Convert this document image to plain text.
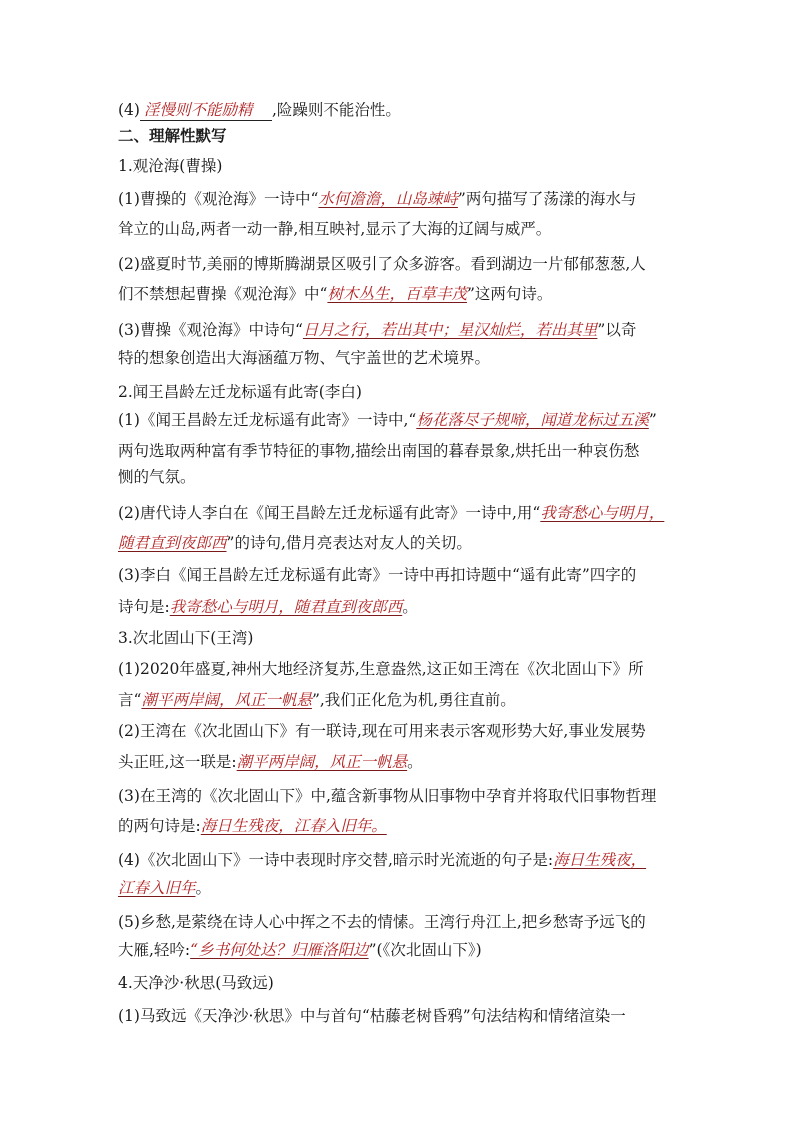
(4) 淫慢则不能励精 ,险躁则不能治性。
二、理解性默写
1.观沧海(曹操)
(1)曹操的《观沧海》一诗中“水何澹澹，山岛竦峙”两句描写了荡漾的海水与
耸立的山岛,两者一动一静,相互映衬,显示了大海的辽阔与威严。
(2)盛夏时节,美丽的博斯腾湖景区吸引了众多游客。看到湖边一片郁郁葱葱,人
们不禁想起曹操《观沧海》中“树木丛生，百草丰茂”这两句诗。
(3)曹操《观沧海》中诗句“日月之行，若出其中；星汉灿烂，若出其里”以奇
特的想象创造出大海涵蕴万物、气宇盖世的艺术境界。
2.闻王昌龄左迁龙标遥有此寄(李白)
(1)《闻王昌龄左迁龙标遥有此寄》一诗中,“杨花落尽子规啼，闻道龙标过五溪”
两句选取两种富有季节特征的事物,描绘出南国的暮春景象,烘托出一种哀伤愁
恻的气氛。
(2)唐代诗人李白在《闻王昌龄左迁龙标遥有此寄》一诗中,用“我寄愁心与明月，
随君直到夜郎西”的诗句,借月亮表达对友人的关切。
(3)李白《闻王昌龄左迁龙标遥有此寄》一诗中再扣诗题中“遥有此寄”四字的
诗句是:我寄愁心与明月，随君直到夜郎西。
3.次北固山下(王湾)
(1)2020年盛夏,神州大地经济复苏,生意盎然,这正如王湾在《次北固山下》所
言“潮平两岸阔，风正一帆悬”,我们正化危为机,勇往直前。
(2)王湾在《次北固山下》有一联诗,现在可用来表示客观形势大好,事业发展势
头正旺,这一联是:潮平两岸阔，风正一帆悬。
(3)在王湾的《次北固山下》中,蕴含新事物从旧事物中孕育并将取代旧事物哲理
的两句诗是:海日生残夜，江春入旧年。
(4)《次北固山下》一诗中表现时序交替,暗示时光流逝的句子是:海日生残夜，
江春入旧年。
(5)乡愁,是萦绕在诗人心中挥之不去的情愫。王湾行舟江上,把乡愁寄予远飞的
大雁,轻吟:“乡书何处达？归雁洛阳边”(《次北固山下》)
4.天净沙·秋思(马致远)
(1)马致远《天净沙·秋思》中与首句“枯藤老树昏鸦”句法结构和情绪渲染一
